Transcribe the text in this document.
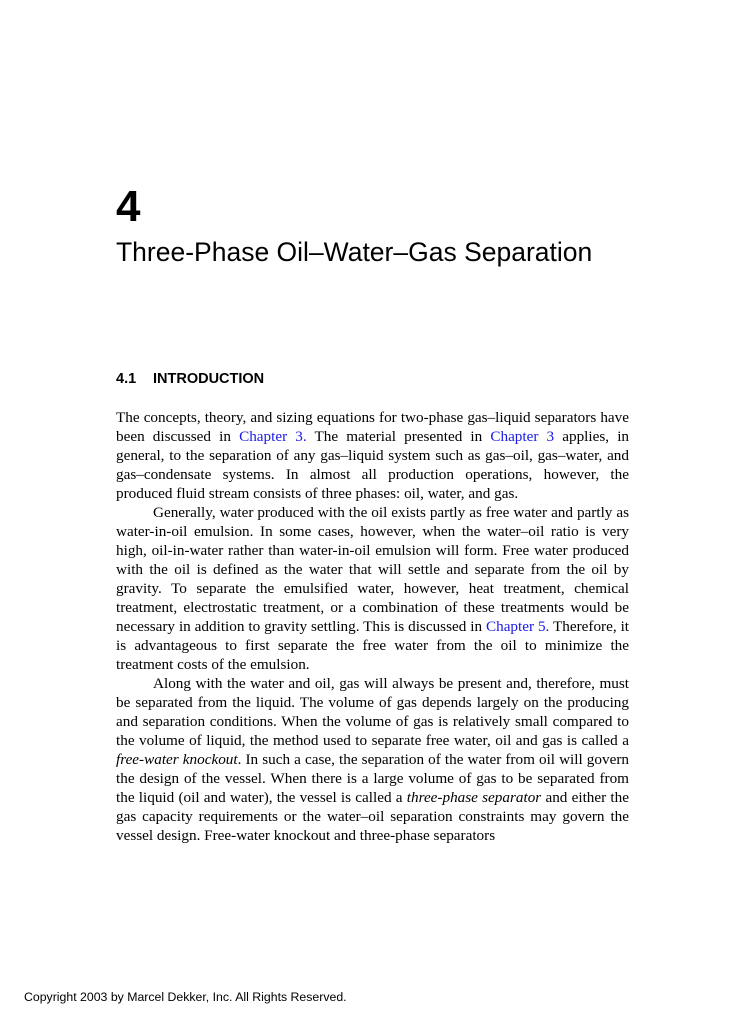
4
Three-Phase Oil–Water–Gas Separation
4.1 INTRODUCTION

The concepts, theory, and sizing equations for two-phase gas–liquid separators have been discussed in Chapter 3. The material presented in Chapter 3 applies, in general, to the separation of any gas–liquid system such as gas–oil, gas–water, and gas–condensate systems. In almost all production operations, however, the produced fluid stream consists of three phases: oil, water, and gas.

Generally, water produced with the oil exists partly as free water and partly as water-in-oil emulsion. In some cases, however, when the water–oil ratio is very high, oil-in-water rather than water-in-oil emulsion will form. Free water produced with the oil is defined as the water that will settle and separate from the oil by gravity. To separate the emulsified water, however, heat treatment, chemical treatment, electrostatic treatment, or a combination of these treatments would be necessary in addition to gravity settling. This is discussed in Chapter 5. Therefore, it is advantageous to first separate the free water from the oil to minimize the treatment costs of the emulsion.

Along with the water and oil, gas will always be present and, therefore, must be separated from the liquid. The volume of gas depends largely on the producing and separation conditions. When the volume of gas is relatively small compared to the volume of liquid, the method used to separate free water, oil and gas is called a free-water knockout. In such a case, the separation of the water from oil will govern the design of the vessel. When there is a large volume of gas to be separated from the liquid (oil and water), the vessel is called a three-phase separator and either the gas capacity requirements or the water–oil separation constraints may govern the vessel design. Free-water knockout and three-phase separators

Copyright 2003 by Marcel Dekker, Inc. All Rights Reserved.
